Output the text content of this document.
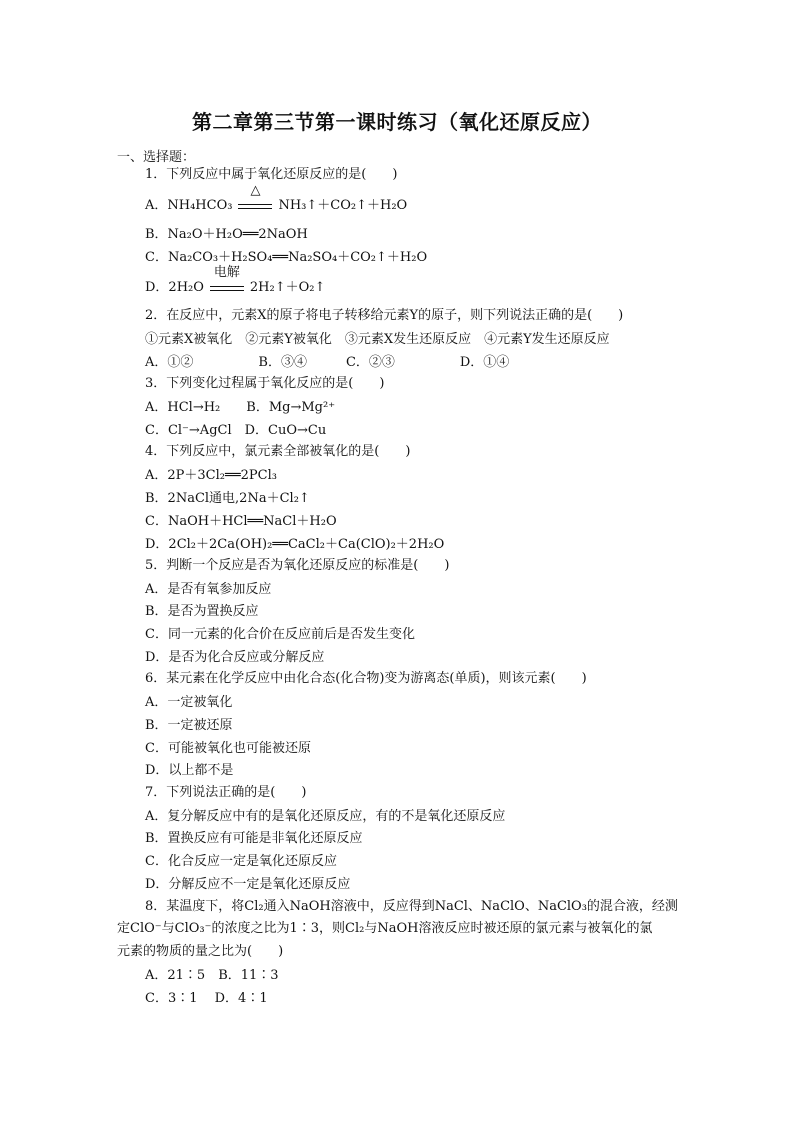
第二章第三节第一课时练习（氧化还原反应）
一、选择题：
1．下列反应中属于氧化还原反应的是(　　)
A．NH₄HCO₃
△
NH₃↑＋CO₂↑＋H₂O
B．Na₂O＋H₂O══2NaOH
C．Na₂CO₃＋H₂SO₄══Na₂SO₄＋CO₂↑＋H₂O
D．2H₂O
电解
2H₂↑＋O₂↑
2．在反应中，元素X的原子将电子转移给元素Y的原子，则下列说法正确的是(　　)
①元素X被氧化　②元素Y被氧化　③元素X发生还原反应　④元素Y发生还原反应
A．①②　　　　　B．③④　　　C．②③　　　　　D．①④
3．下列变化过程属于氧化反应的是(　　)
A．HCl→H₂　　B．Mg→Mg²⁺
C．Cl⁻→AgCl　D．CuO→Cu
4．下列反应中，氯元素全部被氧化的是(　　)
A．2P＋3Cl₂══2PCl₃
B．2NaCl通电,2Na＋Cl₂↑
C．NaOH＋HCl══NaCl＋H₂O
D．2Cl₂＋2Ca(OH)₂══CaCl₂＋Ca(ClO)₂＋2H₂O
5．判断一个反应是否为氧化还原反应的标准是(　　)
A．是否有氧参加反应
B．是否为置换反应
C．同一元素的化合价在反应前后是否发生变化
D．是否为化合反应或分解反应
6．某元素在化学反应中由化合态(化合物)变为游离态(单质)，则该元素(　　)
A．一定被氧化
B．一定被还原
C．可能被氧化也可能被还原
D．以上都不是
7．下列说法正确的是(　　)
A．复分解反应中有的是氧化还原反应，有的不是氧化还原反应
B．置换反应有可能是非氧化还原反应
C．化合反应一定是氧化还原反应
D．分解反应不一定是氧化还原反应
8．某温度下，将Cl₂通入NaOH溶液中，反应得到NaCl、NaClO、NaClO₃的混合液，经测
定ClO⁻与ClO₃⁻的浓度之比为1∶3，则Cl₂与NaOH溶液反应时被还原的氯元素与被氧化的氯
元素的物质的量之比为(　　)
A．21∶5　B．11∶3
C．3∶1　 D．4∶1
